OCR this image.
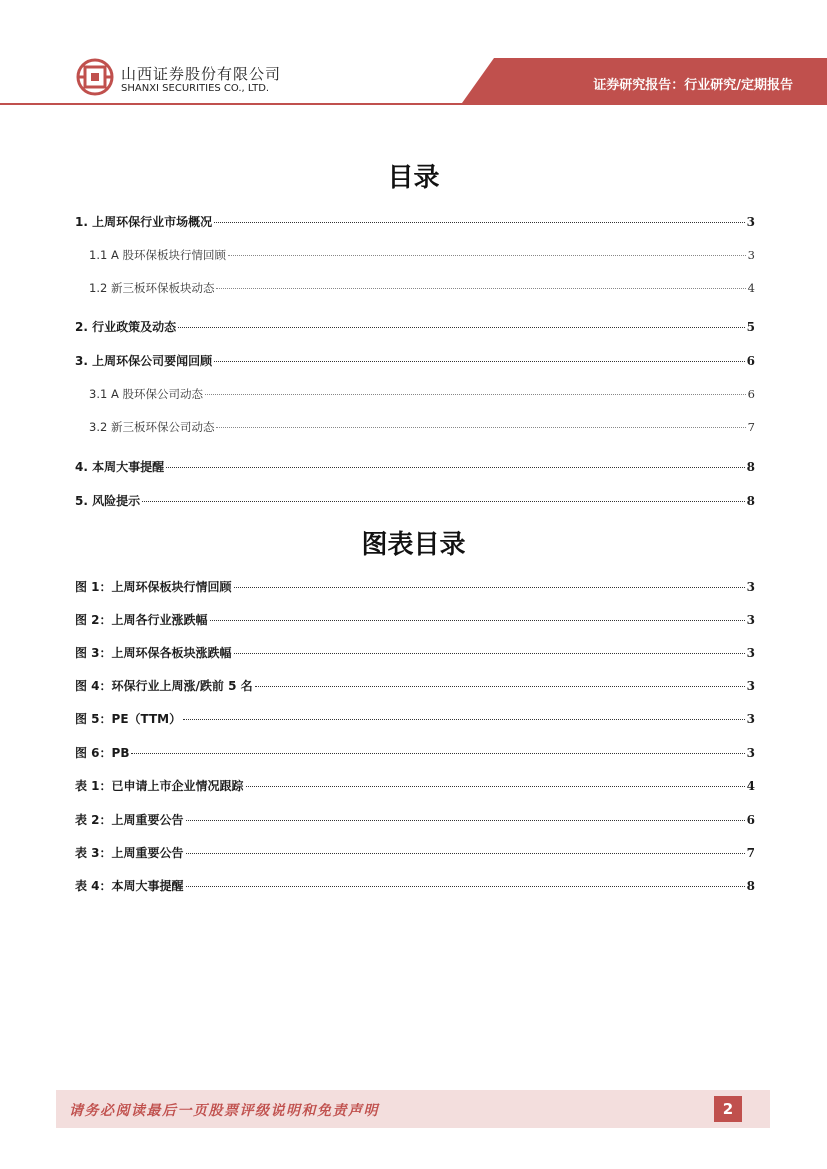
山西证券股份有限公司
SHANXI SECURITIES CO., LTD.	证券研究报告：行业研究/定期报告
目录
1. 上周环保行业市场概况	3
1.1 A 股环保板块行情回顾	3
1.2 新三板环保板块动态	4
2. 行业政策及动态	5
3. 上周环保公司要闻回顾	6
3.1 A 股环保公司动态	6
3.2 新三板环保公司动态	7
4. 本周大事提醒	8
5. 风险提示	8
图表目录
图 1：上周环保板块行情回顾	3
图 2：上周各行业涨跌幅	3
图 3：上周环保各板块涨跌幅	3
图 4：环保行业上周涨/跌前 5 名	3
图 5：PE（TTM）	3
图 6：PB	3
表 1：已申请上市企业情况跟踪	4
表 2：上周重要公告	6
表 3：上周重要公告	7
表 4：本周大事提醒	8
请务必阅读最后一页股票评级说明和免责声明	2
